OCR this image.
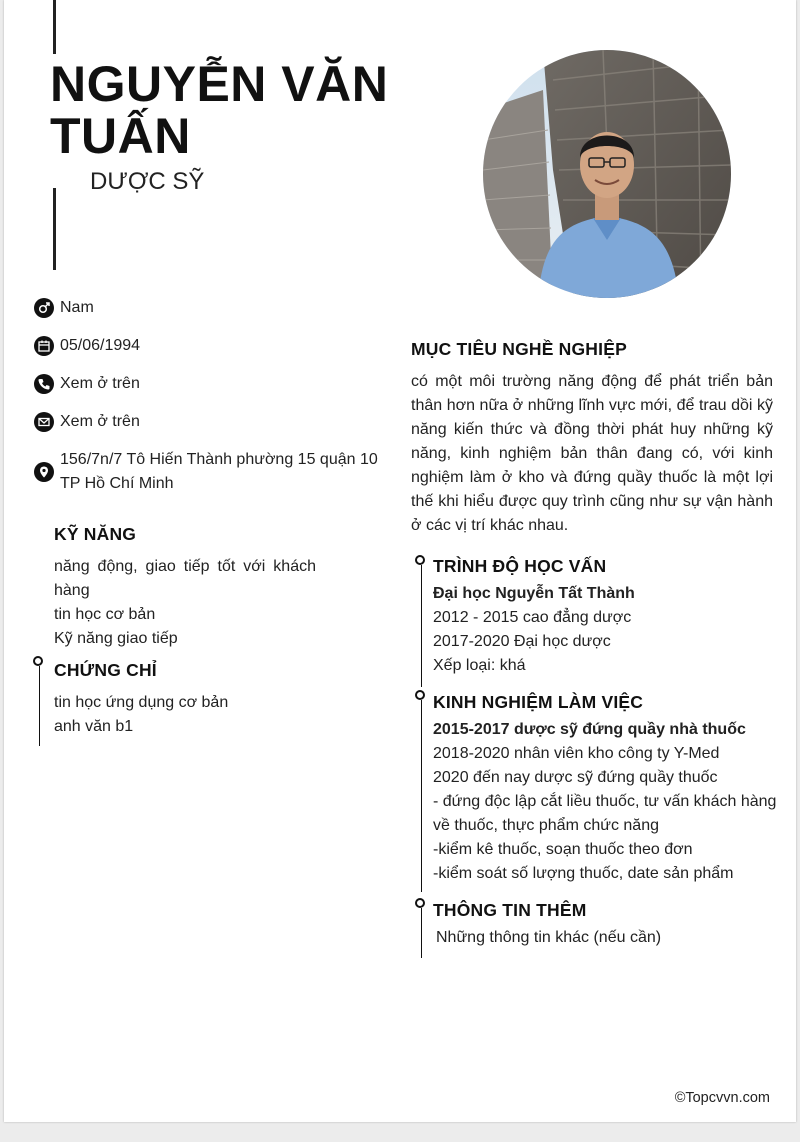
NGUYỄN VĂN TUẤN
DƯỢC SỸ
Nam
05/06/1994
Xem ở trên
Xem ở trên
156/7n/7 Tô Hiến Thành phường 15 quận 10 TP Hồ Chí Minh
KỸ NĂNG
năng động, giao tiếp tốt với khách hàng
tin học cơ bản
Kỹ năng giao tiếp
CHỨNG CHỈ
tin học ứng dụng cơ bản
anh văn b1
MỤC TIÊU NGHỀ NGHIỆP
có một môi trường năng động để phát triển bản thân hơn nữa ở những lĩnh vực mới, để trau dồi kỹ năng kiến thức và đồng thời phát huy những kỹ năng, kinh nghiệm bản thân đang có, với kinh nghiệm làm ở kho và đứng quầy thuốc là một lợi thế khi hiểu được quy trình cũng như sự vận hành ở các vị trí khác nhau.
TRÌNH ĐỘ HỌC VẤN
Đại học Nguyễn Tất Thành
2012 - 2015 cao đẳng dược
2017-2020 Đại học dược
Xếp loại: khá
KINH NGHIỆM LÀM VIỆC
2015-2017 dược sỹ đứng quầy nhà thuốc
2018-2020 nhân viên kho công ty Y-Med
2020 đến nay dược sỹ đứng quầy thuốc
- đứng độc lập cắt liều thuốc, tư vấn khách hàng về thuốc, thực phẩm chức năng
-kiểm kê thuốc, soạn thuốc theo đơn
-kiểm soát số lượng thuốc, date sản phẩm
THÔNG TIN THÊM
Những thông tin khác (nếu cần)
©Topcvvn.com
